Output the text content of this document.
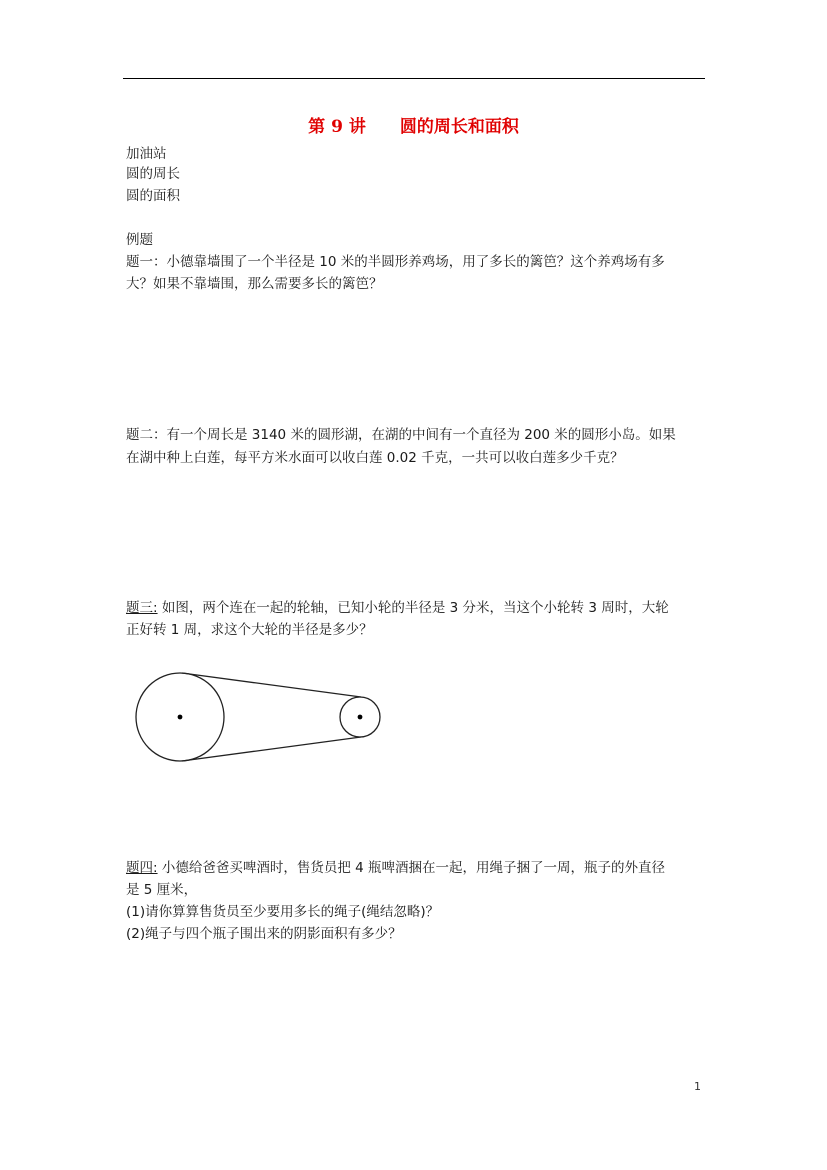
第 9 讲　　圆的周长和面积
加油站
圆的周长
圆的面积
例题
题一：小德靠墙围了一个半径是 10 米的半圆形养鸡场，用了多长的篱笆？这个养鸡场有多
大？如果不靠墙围，那么需要多长的篱笆？
题二：有一个周长是 3140 米的圆形湖，在湖的中间有一个直径为 200 米的圆形小岛。如果
在湖中种上白莲，每平方米水面可以收白莲 0.02 千克，一共可以收白莲多少千克？
题三: 如图，两个连在一起的轮轴，已知小轮的半径是 3 分米，当这个小轮转 3 周时，大轮
正好转 1 周，求这个大轮的半径是多少？
题四: 小德给爸爸买啤酒时，售货员把 4 瓶啤酒捆在一起，用绳子捆了一周，瓶子的外直径
是 5 厘米，
(1)请你算算售货员至少要用多长的绳子(绳结忽略)？
(2)绳子与四个瓶子围出来的阴影面积有多少？
1
